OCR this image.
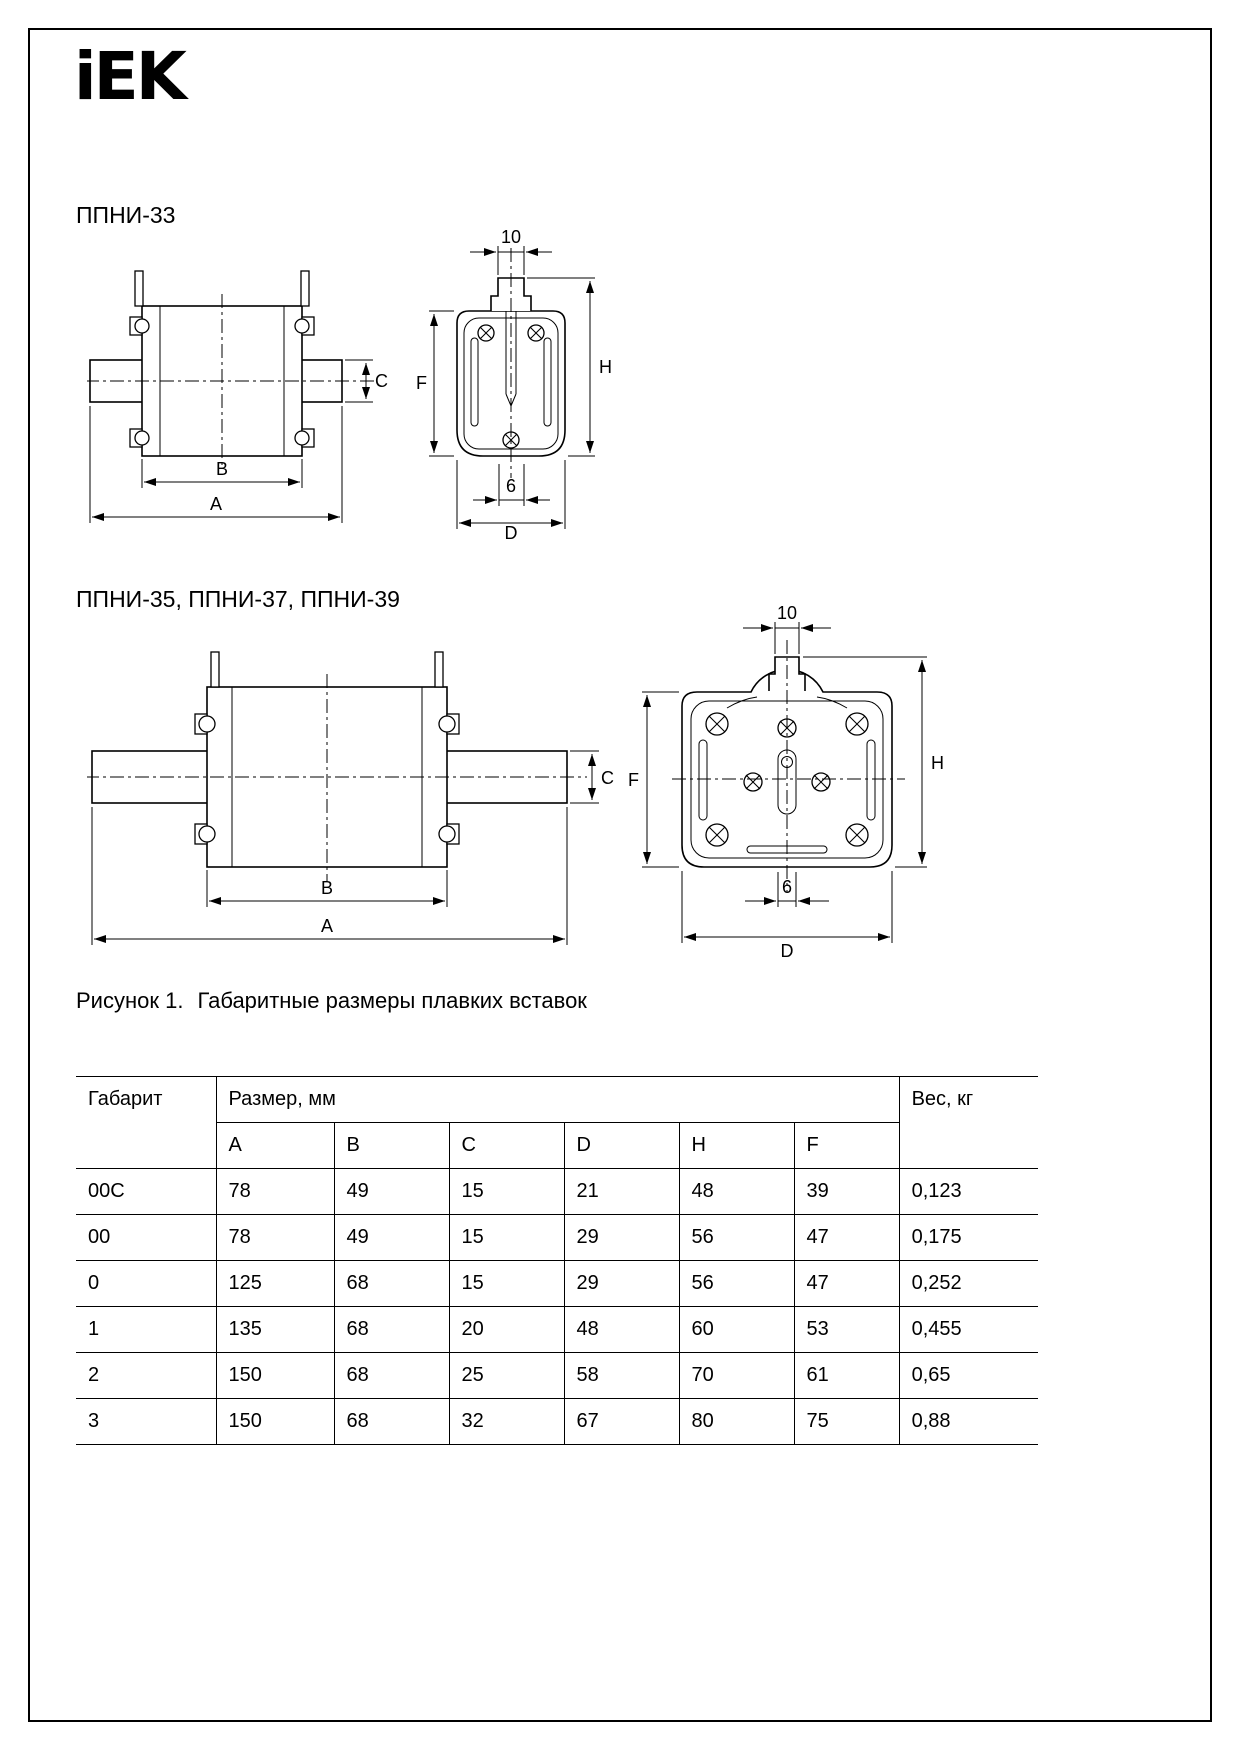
iEK
ППНИ-33
C
B
A
10
F
H
6
D
ППНИ-35, ППНИ-37, ППНИ-39
C
B
A
10
F
H
6
D
Рисунок 1. Габаритные размеры плавких вставок
Габарит	Размер, мм						Вес, кг
	A	B	C	D	H	F	
00C	78	49	15	21	48	39	0,123
00	78	49	15	29	56	47	0,175
0	125	68	15	29	56	47	0,252
1	135	68	20	48	60	53	0,455
2	150	68	25	58	70	61	0,65
3	150	68	32	67	80	75	0,88
